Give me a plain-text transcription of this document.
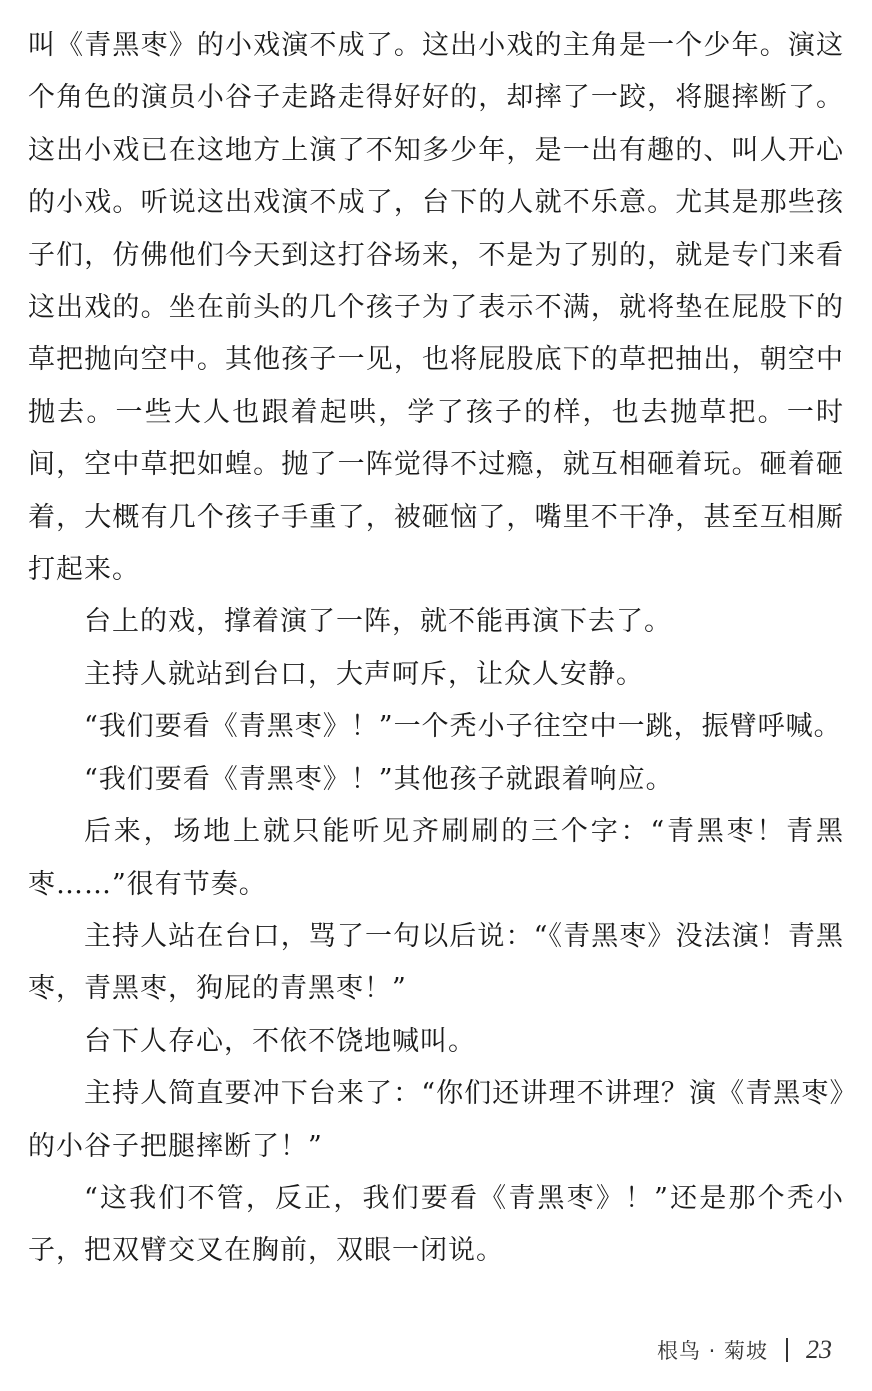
叫《青黑枣》的小戏演不成了。这出小戏的主角是一个少年。演这个角色的演员小谷子走路走得好好的，却摔了一跤，将腿摔断了。这出小戏已在这地方上演了不知多少年，是一出有趣的、叫人开心的小戏。听说这出戏演不成了，台下的人就不乐意。尤其是那些孩子们，仿佛他们今天到这打谷场来，不是为了别的，就是专门来看这出戏的。坐在前头的几个孩子为了表示不满，就将垫在屁股下的草把抛向空中。其他孩子一见，也将屁股底下的草把抽出，朝空中抛去。一些大人也跟着起哄，学了孩子的样，也去抛草把。一时间，空中草把如蝗。抛了一阵觉得不过瘾，就互相砸着玩。砸着砸着，大概有几个孩子手重了，被砸恼了，嘴里不干净，甚至互相厮打起来。

台上的戏，撑着演了一阵，就不能再演下去了。

主持人就站到台口，大声呵斥，让众人安静。

“我们要看《青黑枣》！”一个秃小子往空中一跳，振臂呼喊。

“我们要看《青黑枣》！”其他孩子就跟着响应。

后来，场地上就只能听见齐刷刷的三个字：“青黑枣！青黑枣……”很有节奏。

主持人站在台口，骂了一句以后说：“《青黑枣》没法演！青黑枣，青黑枣，狗屁的青黑枣！”

台下人存心，不依不饶地喊叫。

主持人简直要冲下台来了：“你们还讲理不讲理？演《青黑枣》的小谷子把腿摔断了！”

“这我们不管，反正，我们要看《青黑枣》！”还是那个秃小子，把双臂交叉在胸前，双眼一闭说。

根鸟 · 菊坡 23
